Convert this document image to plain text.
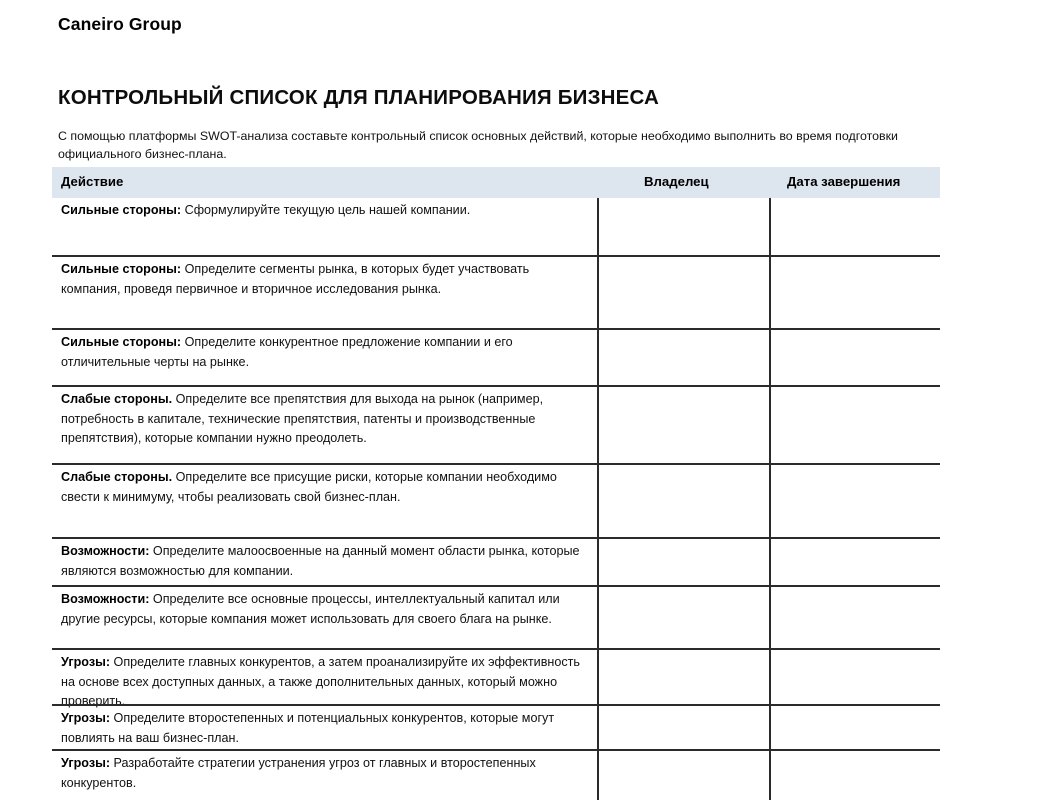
Caneiro Group
КОНТРОЛЬНЫЙ СПИСОК ДЛЯ ПЛАНИРОВАНИЯ БИЗНЕСА

С помощью платформы SWOT-анализа составьте контрольный список основных действий, которые необходимо выполнить во время подготовки официального бизнес-плана.

Действие	Владелец	Дата завершения
Сильные стороны: Сформулируйте текущую цель нашей компании.
Сильные стороны: Определите сегменты рынка, в которых будет участвовать компания, проведя первичное и вторичное исследования рынка.
Сильные стороны: Определите конкурентное предложение компании и его отличительные черты на рынке.
Слабые стороны. Определите все препятствия для выхода на рынок (например, потребность в капитале, технические препятствия, патенты и производственные препятствия), которые компании нужно преодолеть.
Слабые стороны. Определите все присущие риски, которые компании необходимо свести к минимуму, чтобы реализовать свой бизнес-план.
Возможности: Определите малоосвоенные на данный момент области рынка, которые являются возможностью для компании.
Возможности: Определите все основные процессы, интеллектуальный капитал или другие ресурсы, которые компания может использовать для своего блага на рынке.
Угрозы: Определите главных конкурентов, а затем проанализируйте их эффективность на основе всех доступных данных, а также дополнительных данных, который можно проверить.
Угрозы: Определите второстепенных и потенциальных конкурентов, которые могут повлиять на ваш бизнес-план.
Угрозы: Разработайте стратегии устранения угроз от главных и второстепенных конкурентов.
